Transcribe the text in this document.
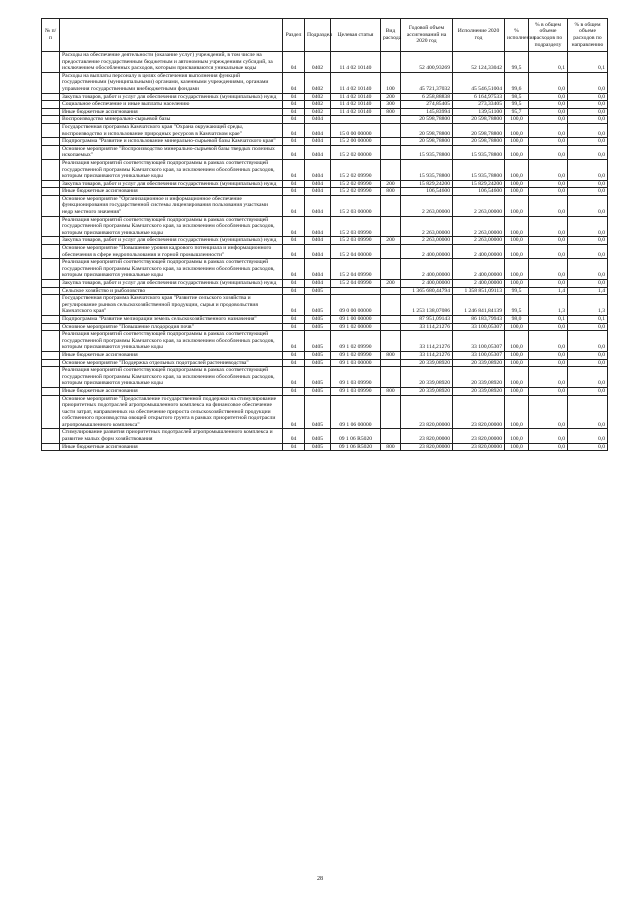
№ п/п		Раздел	Подраздел	Целевая статья	Вид расхода	Годовой объем ассигнований на 2020 год	Исполнение 2020 год	% исполнения	% в общем объеме расходов по подразделу	% в общем объеме расходов по направлению
	Расходы на обеспечение деятельности (оказание услуг) учреждений, в том числе на предоставление государственным бюджетным и автономным учреждениям субсидий, за исключением обособленных расходов, которым присваиваются уникальные коды	04	0402	11 4 02 10140		52 400,93269	52 124,33042	99,5	0,1	0,1
	Расходы на выплаты персоналу в целях обеспечения выполнения функций государственными (муниципальными) органами, казенными учреждениями, органами управления государственными внебюджетными фондами	04	0402	11 4 02 10140	100	45 721,37032	45 546,51004	99,6	0,0	0,0
	Закупка товаров, работ и услуг для обеспечения государственных (муниципальных) нужд	04	0402	11 4 02 10140	200	6 258,88838	6 164,97533	98,5	0,0	0,0
	Социальное обеспечение и иные выплаты населению	04	0402	11 4 02 10140	300	274,85405	273,33405	99,5	0,0	0,0
	Иные бюджетные ассигнования	04	0402	11 4 02 10140	800	145,83994	139,51100	95,7	0,0	0,0
	Воспроизводство минерально-сырьевой базы	04	0404			20 598,78800	20 598,78800	100,0	0,0	0,0
	Государственная программа Камчатского края "Охрана окружающей среды, воспроизводство и использование природных ресурсов в Камчатском крае"	04	0404	15 0 00 00000		20 598,78800	20 598,78800	100,0	0,0	0,0
	Подпрограмма "Развитие и использование минерально-сырьевой базы Камчатского края"	04	0404	15 2 00 00000		20 598,78800	20 598,78800	100,0	0,0	0,0
	Основное мероприятие "Воспроизводство минерально-сырьевой базы твердых полезных ископаемых"	04	0404	15 2 02 00000		15 935,78800	15 935,78800	100,0	0,0	0,0
	Реализация мероприятий соответствующей подпрограммы в рамках соответствующей государственной программы Камчатского края, за исключением обособленных расходов, которым присваиваются уникальные коды	04	0404	15 2 02 09990		15 935,78800	15 935,78800	100,0	0,0	0,0
	Закупка товаров, работ и услуг для обеспечения государственных (муниципальных) нужд	04	0404	15 2 02 09990	200	15 829,24200	15 829,24200	100,0	0,0	0,0
	Иные бюджетные ассигнования	04	0404	15 2 02 09990	800	106,54600	106,54600	100,0	0,0	0,0
	Основное мероприятие "Организационное и информационное обеспечение функционирования государственной системы лицензирования пользования участками недр местного значения"	04	0404	15 2 03 00000		2 263,00000	2 263,00000	100,0	0,0	0,0
	Реализация мероприятий соответствующей подпрограммы в рамках соответствующей государственной программы Камчатского края, за исключением обособленных расходов, которым присваиваются уникальные коды	04	0404	15 2 03 09990		2 263,00000	2 263,00000	100,0	0,0	0,0
	Закупка товаров, работ и услуг для обеспечения государственных (муниципальных) нужд	04	0404	15 2 03 09990	200	2 263,00000	2 263,00000	100,0	0,0	0,0
	Основное мероприятие "Повышение уровня кадрового потенциала и информационного обеспечения в сфере недропользования и горной промышленности"	04	0404	15 2 04 00000		2 400,00000	2 400,00000	100,0	0,0	0,0
	Реализация мероприятий соответствующей подпрограммы в рамках соответствующей государственной программы Камчатского края, за исключением обособленных расходов, которым присваиваются уникальные коды	04	0404	15 2 04 09990		2 400,00000	2 400,00000	100,0	0,0	0,0
	Закупка товаров, работ и услуг для обеспечения государственных (муниципальных) нужд	04	0404	15 2 04 09990	200	2 400,00000	2 400,00000	100,0	0,0	0,0
	Сельское хозяйство и рыболовство	04	0405			1 365 680,44794	1 358 851,09113	99,5	1,4	1,4
	Государственная программа Камчатского края "Развитие сельского хозяйства и регулирование рынков сельскохозяйственной продукции, сырья и продовольствия Камчатского края"	04	0405	09 0 00 00000		1 253 138,07086	1 246 841,84139	99,5	1,3	1,3
	Подпрограмма "Развитие мелиорации земель сельскохозяйственного назначения"	04	0405	09 1 00 00000		87 951,09143	86 183,79943	98,0	0,1	0,1
	Основное мероприятие "Повышение плодородия почв"	04	0405	09 1 02 00000		33 114,21276	33 100,05307	100,0	0,0	0,0
	Реализация мероприятий соответствующей подпрограммы в рамках соответствующей государственной программы Камчатского края, за исключением обособленных расходов, которым присваиваются уникальные коды	04	0405	09 1 02 09990		33 114,21276	33 100,05307	100,0	0,0	0,0
	Иные бюджетные ассигнования	04	0405	09 1 02 09990	800	33 114,21276	33 100,05307	100,0	0,0	0,0
	Основное мероприятие "Поддержка отдельных подотраслей растениеводства"	04	0405	09 1 03 00000		20 339,08920	20 339,08920	100,0	0,0	0,0
	Реализация мероприятий соответствующей подпрограммы в рамках соответствующей государственной программы Камчатского края, за исключением обособленных расходов, которым присваиваются уникальные коды	04	0405	09 1 03 09990		20 339,08920	20 339,08920	100,0	0,0	0,0
	Иные бюджетные ассигнования	04	0405	09 1 03 09990	800	20 339,08920	20 339,08920	100,0	0,0	0,0
	Основное мероприятие "Предоставление государственной поддержки на стимулирование приоритетных подотраслей агропромышленного комплекса на финансовое обеспечение части затрат, направленных на обеспечение прироста сельскохозяйственной продукции собственного производства овощей открытого грунта в рамках приоритетной подотрасли агропромышленного комплекса"	04	0405	09 1 06 00000		23 820,00000	23 820,00000	100,0	0,0	0,0
	Стимулирование развития приоритетных подотраслей агропромышленного комплекса и развитие малых форм хозяйствования	04	0405	09 1 06 R5020		23 820,00000	23 820,00000	100,0	0,0	0,0
	Иные бюджетные ассигнования	04	0405	09 1 06 R5020	800	23 820,00000	23 820,00000	100,0	0,0	0,0
28
